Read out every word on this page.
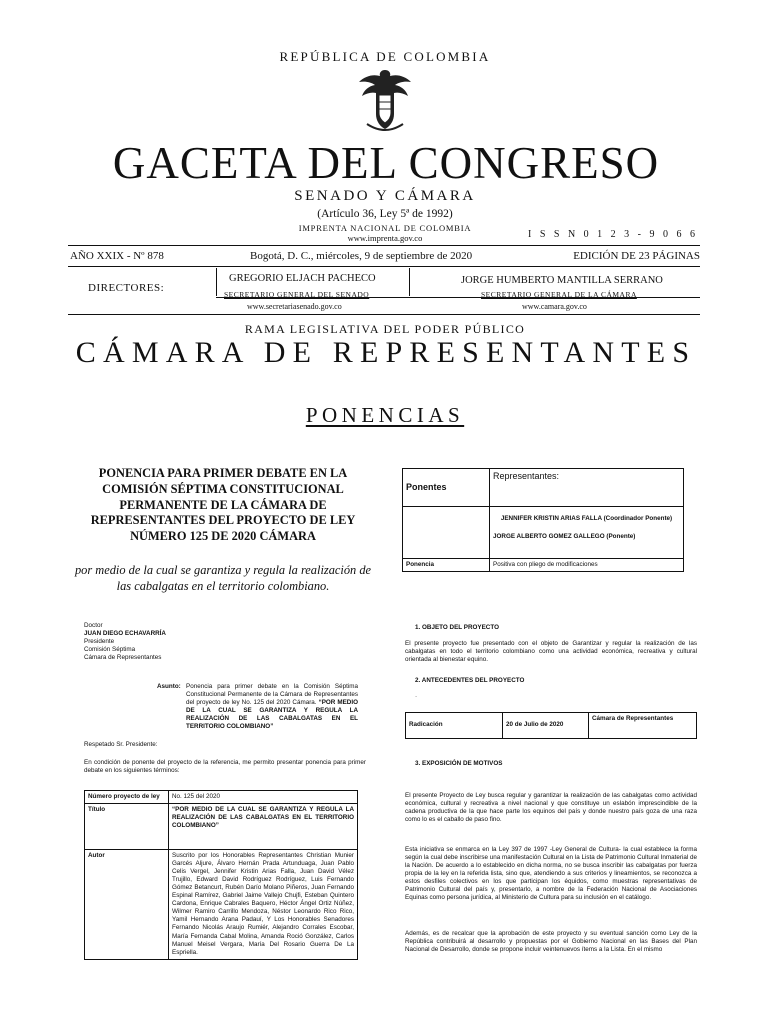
REPÚBLICA DE COLOMBIA
GACETA DEL CONGRESO
SENADO Y CÁMARA
(Artículo 36, Ley 5ª de 1992)
IMPRENTA NACIONAL DE COLOMBIA
www.imprenta.gov.co	I S S N 0 1 2 3 - 9 0 6 6
AÑO XXIX - Nº 878	Bogotá, D. C., miércoles, 9 de septiembre de 2020	EDICIÓN DE 23 PÁGINAS
DIRECTORES:
GREGORIO ELJACH PACHECO
SECRETARIO GENERAL DEL SENADO
JORGE HUMBERTO MANTILLA SERRANO
SECRETARIO GENERAL DE LA CÁMARA
www.secretariasenado.gov.co	www.camara.gov.co
RAMA LEGISLATIVA DEL PODER PÚBLICO
CÁMARA DE REPRESENTANTES
PONENCIAS
PONENCIA PARA PRIMER DEBATE EN LA COMISIÓN SÉPTIMA CONSTITUCIONAL PERMANENTE DE LA CÁMARA DE REPRESENTANTES DEL PROYECTO DE LEY NÚMERO 125 DE 2020 CÁMARA
por medio de la cual se garantiza y regula la realización de las cabalgatas en el territorio colombiano.
Doctor
JUAN DIEGO ECHAVARRÍA
Presidente
Comisión Séptima
Cámara de Representantes
Asunto: Ponencia para primer debate en la Comisión Séptima Constitucional Permanente de la Cámara de Representantes del proyecto de ley No. 125 del 2020 Cámara. “POR MEDIO DE LA CUAL SE GARANTIZA Y REGULA LA REALIZACIÓN DE LAS CABALGATAS EN EL TERRITORIO COLOMBIANO”
Respetado Sr. Presidente:
En condición de ponente del proyecto de la referencia, me permito presentar ponencia para primer debate en los siguientes términos:
Número proyecto de ley	No. 125 del 2020
Título	“POR MEDIO DE LA CUAL SE GARANTIZA Y REGULA LA REALIZACIÓN DE LAS CABALGATAS EN EL TERRITORIO COLOMBIANO”
Autor	Suscrito por los Honorables Representantes Christian Munier Garcés Aljure, Álvaro Hernán Prada Artunduaga, Juan Pablo Celis Vergel, Jennifer Kristin Arias Falla, Juan David Vélez Trujillo, Edward David Rodríguez Rodríguez, Luis Fernando Gómez Betancurt, Rubén Darío Molano Piñeros, Juan Fernando Espinal Ramírez, Gabriel Jaime Vallejo Chujfi, Esteban Quintero Cardona, Enrique Cabrales Baquero, Héctor Ángel Ortiz Núñez, Wilmer Ramiro Carrillo Mendoza, Néstor Leonardo Rico Rico, Yamil Hernando Arana Padauí, Y Los Honorables Senadores Fernando Nicolás Araujo Rumiér, Alejandro Corrales Escobar, María Fernanda Cabal Molina, Amanda Roció González, Carlos Manuel Meisel Vergara, María Del Rosario Guerra De La Espriella.
Ponentes	Representantes:

	JENNIFER KRISTIN ARIAS FALLA (Coordinador Ponente)
JORGE ALBERTO GOMEZ GALLEGO (Ponente)

Ponencia	Positiva con pliego de modificaciones
1. OBJETO DEL PROYECTO
El presente proyecto fue presentado con el objeto de Garantizar y regular la realización de las cabalgatas en todo el territorio colombiano como una actividad económica, recreativa y cultural orientada al bienestar equino.
2. ANTECEDENTES DEL PROYECTO
·
Radicación	20 de Julio de 2020	Cámara de Representantes
3. EXPOSICIÓN DE MOTIVOS
El presente Proyecto de Ley busca regular y garantizar la realización de las cabalgatas como actividad económica, cultural y recreativa a nivel nacional y que constituye un eslabón imprescindible de la cadena productiva de la que hace parte los equinos del país y donde nuestro país goza de una raza como lo es el caballo de paso fino.
Esta iniciativa se enmarca en la Ley 397 de 1997 -Ley General de Cultura- la cual establece la forma según la cual debe inscribirse una manifestación Cultural en la Lista de Patrimonio Cultural Inmaterial de la Nación. De acuerdo a lo establecido en dicha norma, no se busca inscribir las cabalgatas por fuerza propia de la ley en la referida lista, sino que, atendiendo a sus criterios y lineamientos, se reconozca a estos desfiles colectivos en los que participan los équidos, como muestras representativas de Patrimonio Cultural del país y, presentarlo, a nombre de la Federación Nacional de Asociaciones Equinas como persona jurídica, al Ministerio de Cultura para su inclusión en el catálogo.
Además, es de recalcar que la aprobación de este proyecto y su eventual sanción como Ley de la República contribuirá al desarrollo y propuestas por el Gobierno Nacional en las Bases del Plan Nacional de Desarrollo, donde se propone incluir veintenuevos ítems a la Lista. En el mismo
